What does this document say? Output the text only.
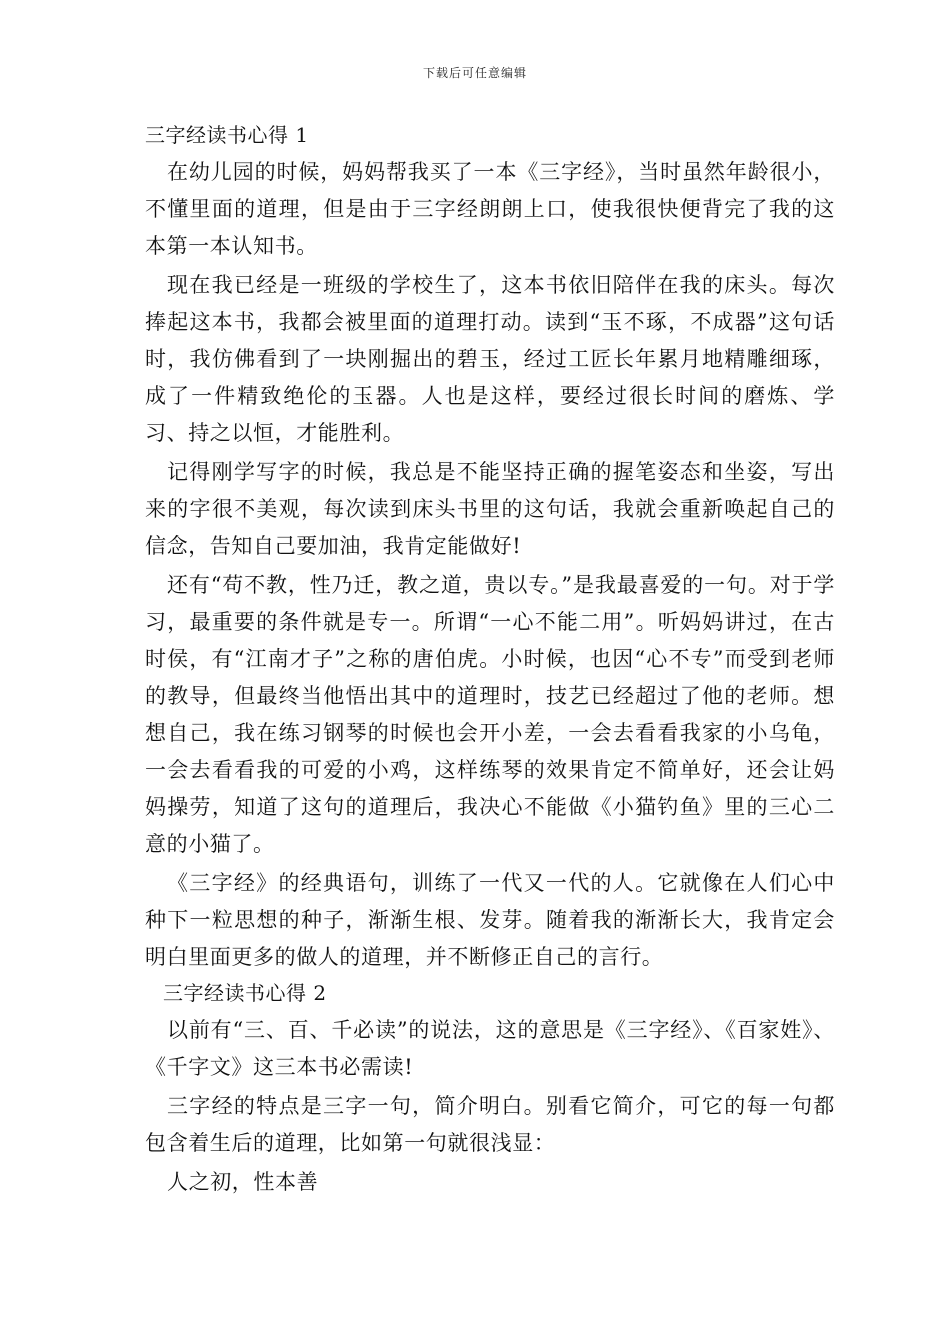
下载后可任意编辑
三字经读书心得 1

在幼儿园的时候，妈妈帮我买了一本《三字经》，当时虽然年龄很小，不懂里面的道理，但是由于三字经朗朗上口，使我很快便背完了我的这本第一本认知书。

现在我已经是一班级的学校生了，这本书依旧陪伴在我的床头。每次捧起这本书，我都会被里面的道理打动。读到“玉不琢，不成器”这句话时，我仿佛看到了一块刚掘出的碧玉，经过工匠长年累月地精雕细琢，成了一件精致绝伦的玉器。人也是这样，要经过很长时间的磨炼、学习、持之以恒，才能胜利。

记得刚学写字的时候，我总是不能坚持正确的握笔姿态和坐姿，写出来的字很不美观，每次读到床头书里的这句话，我就会重新唤起自己的信念，告知自己要加油，我肯定能做好!

还有“苟不教，性乃迁，教之道，贵以专。”是我最喜爱的一句。对于学习，最重要的条件就是专一。所谓“一心不能二用”。听妈妈讲过，在古时侯，有“江南才子”之称的唐伯虎。小时候，也因“心不专”而受到老师的教导，但最终当他悟出其中的道理时，技艺已经超过了他的老师。想想自己，我在练习钢琴的时候也会开小差，一会去看看我家的小乌龟，一会去看看我的可爱的小鸡，这样练琴的效果肯定不简单好，还会让妈妈操劳，知道了这句的道理后，我决心不能做《小猫钓鱼》里的三心二意的小猫了。

《三字经》的经典语句，训练了一代又一代的人。它就像在人们心中种下一粒思想的种子，渐渐生根、发芽。随着我的渐渐长大，我肯定会明白里面更多的做人的道理，并不断修正自己的言行。

三字经读书心得 2

以前有“三、百、千必读”的说法，这的意思是《三字经》、《百家姓》、《千字文》这三本书必需读!

三字经的特点是三字一句，简介明白。别看它简介，可它的每一句都包含着生后的道理，比如第一句就很浅显：

人之初，性本善
